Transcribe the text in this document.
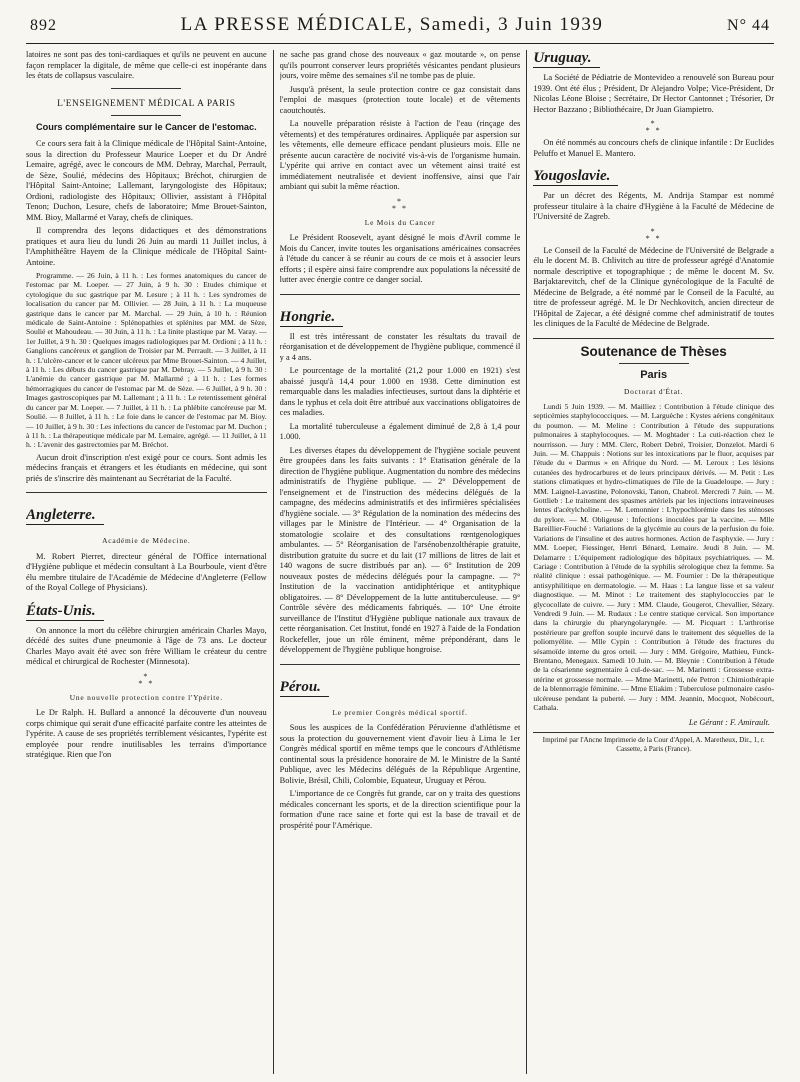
892	LA PRESSE MÉDICALE, Samedi, 3 Juin 1939	N° 44

latoires ne sont pas des toni-cardiaques et qu'ils ne peuvent en aucune façon remplacer la digitale, de même que celle-ci est inopérante dans les états de collapsus vasculaire.

L'ENSEIGNEMENT MÉDICAL A PARIS
Cours complémentaire sur le Cancer de l'estomac.

Ce cours sera fait à la Clinique médicale de l'Hôpital Saint-Antoine, sous la direction du Professeur Maurice Loeper et du Dr André Lemaire, agrégé, avec le concours de MM. Debray, Marchal, Perrault, de Sèze, Soulié, médecins des Hôpitaux; Bréchot, chirurgien de l'Hôpital Saint-Antoine; Lallemant, laryngologiste des Hôpitaux; Ordioni, radiologiste des Hôpitaux; Ollivier, assistant à l'Hôpital Tenon; Duchon, Lesure, chefs de laboratoire; Mme Brouet-Sainton, MM. Bioy, Mallarmé et Varay, chefs de cliniques.

Il comprendra des leçons didactiques et des démonstrations pratiques et aura lieu du lundi 26 Juin au mardi 11 Juillet inclus, à l'Amphithéâtre Hayem de la Clinique médicale de l'Hôpital Saint-Antoine.

Programme. — 26 Juin, à 11 h. : Les formes anatomiques du cancer de l'estomac par M. Loeper. — 27 Juin, à 9 h. 30 : Etudes chimique et cytologique du suc gastrique par M. Lesure ; à 11 h. : Les syndromes de localisation du cancer par M. Ollivier. — 28 Juin, à 11 h. : La muqueuse gastrique dans le cancer par M. Marchal. — 29 Juin, à 10 h. : Réunion médicale de Saint-Antoine : Splénopathies et splénites par MM. de Sèze, Soulié et Mahoudeau. — 30 Juin, à 11 h. : La linite plastique par M. Varay. — 1er Juillet, à 9 h. 30 : Quelques images radiologiques par M. Ordioni ; à 11 h. : Ganglions cancéreux et ganglion de Troisier par M. Perrault. — 3 Juillet, à 11 h. : L'ulcère-cancer et le cancer ulcéreux par Mme Brouet-Sainton. — 4 Juillet, à 11 h. : Les débuts du cancer gastrique par M. Debray. — 5 Juillet, à 9 h. 30 : L'anémie du cancer gastrique par M. Mallarmé ; à 11 h. : Les formes hémorragiques du cancer de l'estomac par M. de Sèze. — 6 Juillet, à 9 h. 30 : Images gastroscopiques par M. Lallemant ; à 11 h. : Le retentissement général du cancer par M. Loeper. — 7 Juillet, à 11 h. : La phlébite cancéreuse par M. Soulié. — 8 Juillet, à 11 h. : Le foie dans le cancer de l'estomac par M. Bioy. — 10 Juillet, à 9 h. 30 : Les infections du cancer de l'estomac par M. Duchon ; à 11 h. : La thérapeutique médicale par M. Lemaire, agrégé. — 11 Juillet, à 11 h. : L'avenir des gastrectomies par M. Bréchot.

Aucun droit d'inscription n'est exigé pour ce cours. Sont admis les médecins français et étrangers et les étudiants en médecine, qui sont priés de s'inscrire dès maintenant au Secrétariat de la Faculté.

Angleterre.
Académie de Médecine.

M. Robert Pierret, directeur général de l'Office international d'Hygiène publique et médecin consultant à La Bourboule, vient d'être élu membre titulaire de l'Académie de Médecine d'Angleterre (Fellow of the Royal College of Physicians).

États-Unis.

On annonce la mort du célèbre chirurgien américain Charles Mayo, décédé des suites d'une pneumonie à l'âge de 73 ans. Le docteur Charles Mayo avait été avec son frère William le créateur du centre médical et chirurgical de Rochester (Minnesota).

*
* *
Une nouvelle protection contre l'Ypérite.

Le Dr Ralph. H. Bullard a annoncé la découverte d'un nouveau corps chimique qui serait d'une efficacité parfaite contre les atteintes de l'ypérite. A cause de ses propriétés terriblement vésicantes, l'ypérite est employée pour rendre inutilisables les terrains d'importance stratégique. Rien que l'on

ne sache pas grand chose des nouveaux « gaz moutarde », on pense qu'ils pourront conserver leurs propriétés vésicantes pendant plusieurs jours, voire même des semaines s'il ne tombe pas de pluie.

Jusqu'à présent, la seule protection contre ce gaz consistait dans l'emploi de masques (protection toute locale) et de vêtements caoutchoutés.

La nouvelle préparation résiste à l'action de l'eau (rinçage des vêtements) et des températures ordinaires. Appliquée par aspersion sur les vêtements, elle demeure efficace pendant plusieurs mois. Elle ne présente aucun caractère de nocivité vis-à-vis de l'organisme humain. L'ypérite qui arrive en contact avec un vêtement ainsi traité est immédiatement neutralisée et devient inoffensive, ainsi que l'air ambiant qui subit la même réaction.

*
* *
Le Mois du Cancer

Le Président Roosevelt, ayant désigné le mois d'Avril comme le Mois du Cancer, invite toutes les organisations américaines consacrées à l'étude du cancer à se réunir au cours de ce mois et à associer leurs efforts ; il espère ainsi faire comprendre aux populations la nécessité de lutter avec énergie contre ce danger social.

Hongrie.

Il est très intéressant de constater les résultats du travail de réorganisation et de développement de l'hygiène publique, commencé il y a 4 ans.

Le pourcentage de la mortalité (21,2 pour 1.000 en 1921) s'est abaissé jusqu'à 14,4 pour 1.000 en 1938. Cette diminution est remarquable dans les maladies infectieuses, surtout dans la diphtérie et dans le typhus et cela doit être attribué aux vaccinations obligatoires de ces maladies.

La mortalité tuberculeuse a également diminué de 2,8 à 1,4 pour 1.000.

Les diverses étapes du développement de l'hygiène sociale peuvent être groupées dans les faits suivants : 1° Etatisation générale de la direction de l'hygiène publique. Augmentation du nombre des médecins administratifs de l'hygiène publique. — 2° Développement de l'enseignement et de l'instruction des médecins délégués de la campagne, des médecins administratifs et des infirmières spécialisées d'hygiène sociale. — 3° Régulation de la nomination des médecins des villages par le Ministre de l'Intérieur. — 4° Organisation de la stomatologie scolaire et des consultations rœntgenologiques ambulantes. — 5° Réorganisation de l'arsénobenzolthérapie gratuite, distribution gratuite du sucre et du lait (17 millions de litres de lait et 140 wagons de sucre distribués par an). — 6° Institution de 209 nouveaux postes de médecins délégués pour la campagne. — 7° Institution de la vaccination antidiphtérique et antityphique obligatoires. — 8° Développement de la lutte antituberculeuse. — 9° Contrôle sévère des médicaments fabriqués. — 10° Une étroite surveillance de l'Institut d'Hygiène publique nationale aux travaux de cette réorganisation. Cet Institut, fondé en 1927 à l'aide de la Fondation Rockefeller, joue un rôle éminent, même prépondérant, dans le développement de l'hygiène publique hongroise.

Pérou.
Le premier Congrès médical sportif.

Sous les auspices de la Confédération Péruvienne d'athlétisme et sous la protection du gouvernement vient d'avoir lieu à Lima le 1er Congrès médical sportif en même temps que le concours d'Athlétisme continental sous la présidence honoraire de M. le Ministre de la Santé Publique, avec les Médecins délégués de la République Argentine, Bolivie, Brésil, Chili, Colombie, Equateur, Uruguay et Pérou.

L'importance de ce Congrès fut grande, car on y traita des questions médicales concernant les sports, et de la direction scientifique pour la formation d'une race saine et forte qui est la base de travail et de prospérité pour l'Amérique.

Uruguay.

La Société de Pédiatrie de Montevideo a renouvelé son Bureau pour 1939. Ont été élus ; Président, Dr Alejandro Volpe; Vice-Président, Dr Nicolas Léone Bloise ; Secrétaire, Dr Hector Cantonnet ; Trésorier, Dr Hector Bazzano ; Bibliothécaire, Dr Juan Giampietro.

*
* *

On été nommés au concours chefs de clinique infantile : Dr Euclides Peluffo et Manuel E. Mantero.

Yougoslavie.

Par un décret des Régents, M. Andrija Stampar est nommé professeur titulaire à la chaire d'Hygiène à la Faculté de Médecine de l'Université de Zagreb.

*
* *

Le Conseil de la Faculté de Médecine de l'Université de Belgrade a élu le docent M. B. Chlivitch au titre de professeur agrégé d'Anatomie normale descriptive et topographique ; de même le docent M. Sv. Barjaktarevitch, chef de la Clinique gynécologique de la Faculté de Médecine de Belgrade, a été nommé par le Conseil de la Faculté, au titre de professeur agrégé. M. le Dr Nechkovitch, ancien directeur de l'Hôpital de Zajecar, a été désigné comme chef administratif de toutes les cliniques de la Faculté de Médecine de Belgrade.

Soutenance de Thèses
Paris
Doctorat d'État.

Lundi 5 Juin 1939. — M. Mailliez : Contribution à l'étude clinique des septicémies staphylococciques. — M. Larguèche : Kystes aériens congénitaux du poumon. — M. Meline : Contribution à l'étude des suppurations pulmonaires à staphylocoques. — M. Moghtader : La cuti-réaction chez le nourrisson. — Jury : MM. Clerc, Robert Debré, Troisier, Donzelot. Mardi 6 Juin. — M. Chappuis : Notions sur les intoxications par le fluor, acquises par l'étude du « Darmus » en Afrique du Nord. — M. Leroux : Les lésions cutanées des hydrocarbures et de leurs principaux dérivés. — M. Petit : Les stations climatiques et hydro-climatiques de l'île de la Guadeloupe. — Jury : MM. Laignel-Lavastine, Polonovski, Tanon, Chabrol. Mercredi 7 Juin. — M. Gottlieb : Le traitement des spasmes artériels par les injections intraveineuses lentes d'acétylcholine. — M. Lemonnier : L'hypochlorémie dans les sténoses du pylore. — M. Obligeuse : Infections inoculées par la vaccine. — Mlle Bareillier-Fouché : Variations de la glycémie au cours de la perfusion du foie. Variations de l'insuline et des autres hormones. Action de l'asphyxie. — Jury : MM. Loeper, Fiessinger, Henri Bénard, Lemaire. Jeudi 8 Juin. — M. Delamarre : L'équipement radiologique des hôpitaux psychiatriques. — M. Cariage : Contribution à l'étude de la syphilis sérologique chez la femme. Sa réalité clinique : essai pathogénique. — M. Fournier : De la thérapeutique antisyphilitique en dermatologie. — M. Haas : La langue lisse et sa valeur diagnostique. — M. Minot : Le traitement des staphylococcies par le glycocollate de cuivre. — Jury : MM. Claude, Gougerot, Chevallier, Sézary. Vendredi 9 Juin. — M. Rudaux : Le centre statique cervical. Son importance dans la chirurgie du pharyngolaryngée. — M. Picquart : L'arthrorise postérieure par greffon souple incurvé dans le traitement des séquelles de la poliomyélite. — Mlle Cypin : Contribution à l'étude des fractures du sésamoïde interne du gros orteil. — Jury : MM. Grégoire, Mathieu, Funck-Brentano, Menegaux. Samedi 10 Juin. — M. Bleynie : Contribution à l'étude de la césarienne segmentaire à cul-de-sac. — M. Marinetti : Grossesse extra-utérine et grossesse normale. — Mme Marinetti, née Petron : Chimiothérapie de la blennorragie féminine. — Mme Eliakim : Tuberculose pulmonaire caséo-ulcéreuse pendant la puberté. — Jury : MM. Jeannin, Mocquot, Nobécourt, Cathala.

Le Gérant : F. Amirault.
Imprimé par l'Ancne Imprimerie de la Cour d'Appel, A. Maretheux, Dir., 1, r. Cassette, à Paris (France).
